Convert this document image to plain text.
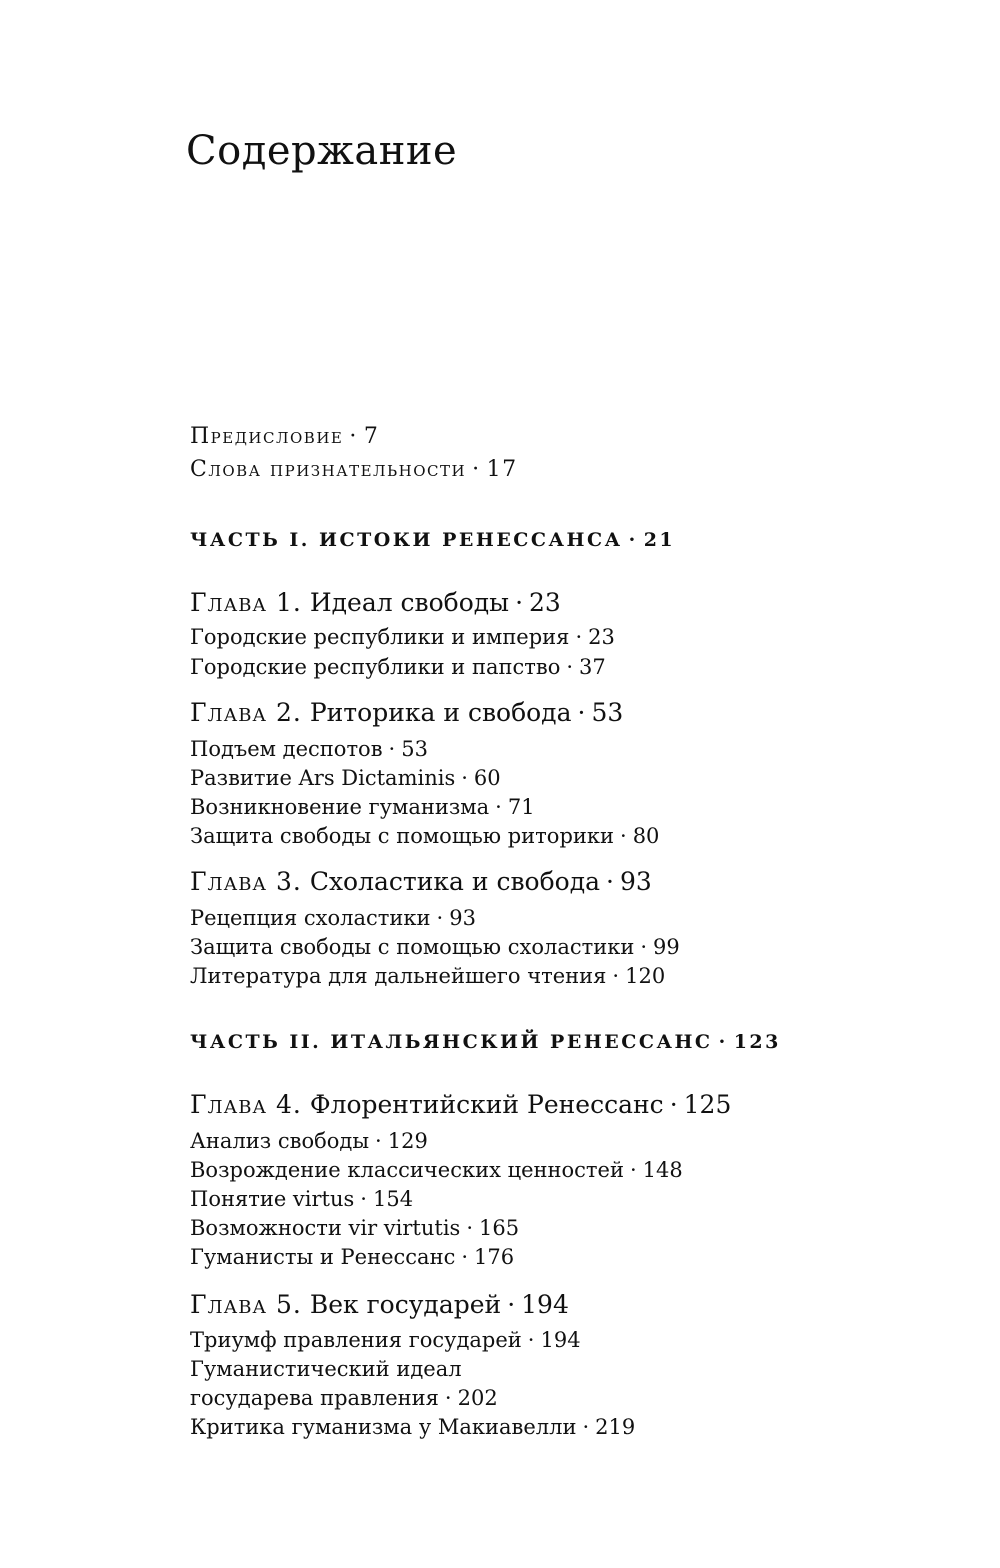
Содержание
Предисловие · 7
Слова признательности · 17
ЧАСТЬ I. ИСТОКИ РЕНЕССАНСА · 21
Глава 1. Идеал свободы · 23
Городские республики и империя · 23
Городские республики и папство · 37
Глава 2. Риторика и свобода · 53
Подъем деспотов · 53
Развитие Ars Dictaminis · 60
Возникновение гуманизма · 71
Защита свободы с помощью риторики · 80
Глава 3. Схоластика и свобода · 93
Рецепция схоластики · 93
Защита свободы с помощью схоластики · 99
Литература для дальнейшего чтения · 120
ЧАСТЬ II. ИТАЛЬЯНСКИЙ РЕНЕССАНС · 123
Глава 4. Флорентийский Ренессанс · 125
Анализ свободы · 129
Возрождение классических ценностей · 148
Понятие virtus · 154
Возможности vir virtutis · 165
Гуманисты и Ренессанс · 176
Глава 5. Век государей · 194
Триумф правления государей · 194
Гуманистический идеал
государева правления · 202
Критика гуманизма у Макиавелли · 219
